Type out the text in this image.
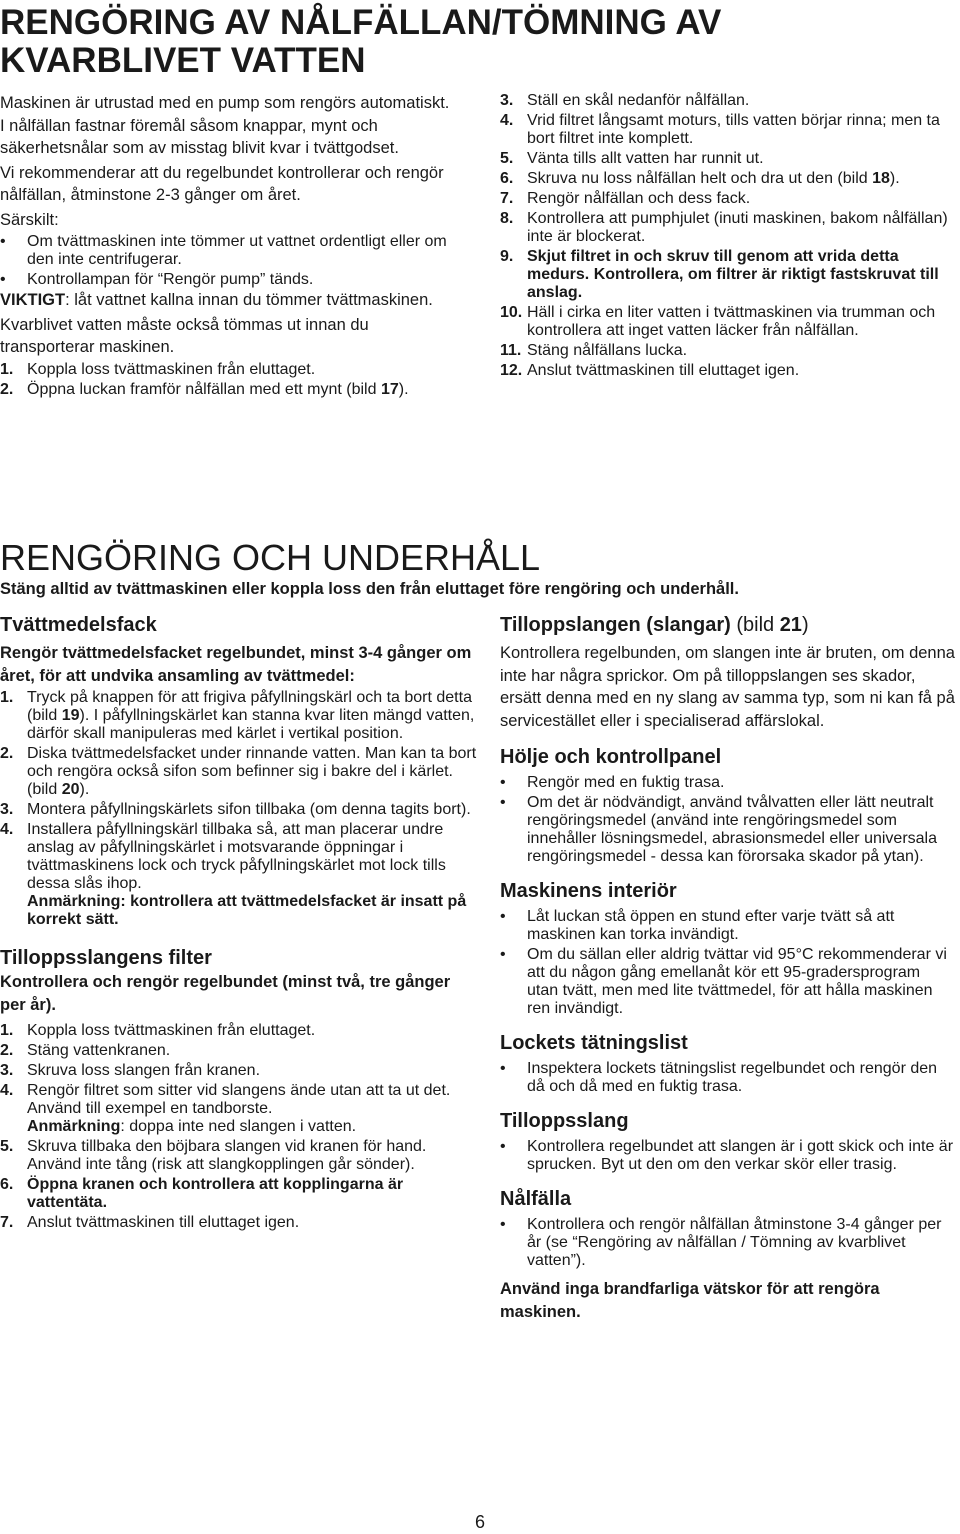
RENGÖRING AV NÅLFÄLLAN/TÖMNING AV
KVARBLIVET VATTEN

Maskinen är utrustad med en pump som rengörs automatiskt. I nålfällan fastnar föremål såsom knappar, mynt och säkerhetsnålar som av misstag blivit kvar i tvättgodset.

Vi rekommenderar att du regelbundet kontrollerar och rengör nålfällan, åtminstone 2-3 gånger om året.

Särskilt:

•	Om tvättmaskinen inte tömmer ut vattnet ordentligt eller om den inte centrifugerar.
•	Kontrollampan för “Rengör pump” tänds.

VIKTIGT: låt vattnet kallna innan du tömmer tvättmaskinen.

Kvarblivet vatten måste också tömmas ut innan du transporterar maskinen.

1. Koppla loss tvättmaskinen från eluttaget.
2. Öppna luckan framför nålfällan med ett mynt (bild 17).
3. Ställ en skål nedanför nålfällan.
4. Vrid filtret långsamt moturs, tills vatten börjar rinna; men ta bort filtret inte komplett.
5. Vänta tills allt vatten har runnit ut.
6. Skruva nu loss nålfällan helt och dra ut den (bild 18).
7. Rengör nålfällan och dess fack.
8. Kontrollera att pumphjulet (inuti maskinen, bakom nålfällan) inte är blockerat.
9. Skjut filtret in och skruv till genom att vrida detta medurs. Kontrollera, om filtrer är riktigt fastskruvat till anslag.
10. Häll i cirka en liter vatten i tvättmaskinen via trumman och kontrollera att inget vatten läcker från nålfällan.
11. Stäng nålfällans lucka.
12. Anslut tvättmaskinen till eluttaget igen.
RENGÖRING OCH UNDERHÅLL
Stäng alltid av tvättmaskinen eller koppla loss den från eluttaget före rengöring och underhåll.
Tvättmedelsfack

Rengör tvättmedelsfacket regelbundet, minst 3-4 gånger om året, för att undvika ansamling av tvättmedel:

1. Tryck på knappen för att frigiva påfyllningskärl och ta bort detta (bild 19). I påfyllningskärlet kan stanna kvar liten mängd vatten, därför skall manipuleras med kärlet i vertikal position.
2. Diska tvättmedelsfacket under rinnande vatten. Man kan ta bort och rengöra också sifon som befinner sig i bakre del i kärlet. (bild 20).
3. Montera påfyllningskärlets sifon tillbaka (om denna tagits bort).
4. Installera påfyllningskärl tillbaka så, att man placerar undre anslag av påfyllningskärlet i motsvarande öppningar i tvättmaskinens lock och tryck påfyllningskärlet mot lock tills dessa slås ihop.
Anmärkning: kontrollera att tvättmedelsfacket är insatt på korrekt sätt.
Tilloppsslangens filter

Kontrollera och rengör regelbundet (minst två, tre gånger per år).

1. Koppla loss tvättmaskinen från eluttaget.
2. Stäng vattenkranen.
3. Skruva loss slangen från kranen.
4. Rengör filtret som sitter vid slangens ände utan att ta ut det. Använd till exempel en tandborste.
Anmärkning: doppa inte ned slangen i vatten.
5. Skruva tillbaka den böjbara slangen vid kranen för hand. Använd inte tång (risk att slangkopplingen går sönder).
6. Öppna kranen och kontrollera att kopplingarna är vattentäta.
7. Anslut tvättmaskinen till eluttaget igen.
Tilloppslangen (slangar) (bild 21)

Kontrollera regelbunden, om slangen inte är bruten, om denna inte har några sprickor. Om på tilloppslangen ses skador, ersätt denna med en ny slang av samma typ, som ni kan få på servicestället eller i specialiserad affärslokal.

Hölje och kontrollpanel
•	Rengör med en fuktig trasa.
•	Om det är nödvändigt, använd tvålvatten eller lätt neutralt rengöringsmedel (använd inte rengöringsmedel som innehåller lösningsmedel, abrasionsmedel eller universala rengöringsmedel - dessa kan förorsaka skador på ytan).
Maskinens interiör
•	Låt luckan stå öppen en stund efter varje tvätt så att maskinen kan torka invändigt.
•	Om du sällan eller aldrig tvättar vid 95°C rekommenderar vi att du någon gång emellanåt kör ett 95-gradersprogram utan tvätt, men med lite tvättmedel, för att hålla maskinen ren invändigt.
Lockets tätningslist
•	Inspektera lockets tätningslist regelbundet och rengör den då och då med en fuktig trasa.
Tilloppsslang
•	Kontrollera regelbundet att slangen är i gott skick och inte är sprucken. Byt ut den om den verkar skör eller trasig.
Nålfälla
•	Kontrollera och rengör nålfällan åtminstone 3-4 gånger per år (se “Rengöring av nålfällan / Tömning av kvarblivet vatten”).

Använd inga brandfarliga vätskor för att rengöra maskinen.

6
